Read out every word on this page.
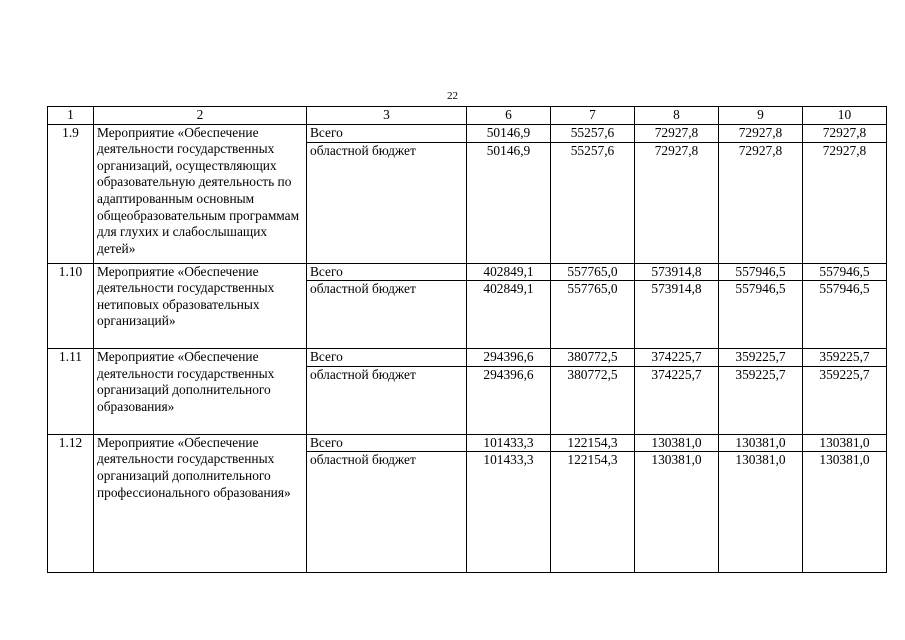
22
1	2	3	6	7	8	9	10
1.9	Мероприятие «Обеспечение деятельности государственных организаций, осуществляющих образовательную деятельность по адаптированным основным общеобразовательным программам для глухих и слабослышащих детей»	Всего	50146,9	55257,6	72927,8	72927,8	72927,8
		областной бюджет	50146,9	55257,6	72927,8	72927,8	72927,8
1.10	Мероприятие «Обеспечение деятельности государственных нетиповых образовательных организаций»	Всего	402849,1	557765,0	573914,8	557946,5	557946,5
		областной бюджет	402849,1	557765,0	573914,8	557946,5	557946,5
1.11	Мероприятие «Обеспечение деятельности государственных организаций дополнительного образования»	Всего	294396,6	380772,5	374225,7	359225,7	359225,7
		областной бюджет	294396,6	380772,5	374225,7	359225,7	359225,7
1.12	Мероприятие «Обеспечение деятельности государственных организаций дополнительного профессионального образования»	Всего	101433,3	122154,3	130381,0	130381,0	130381,0
		областной бюджет	101433,3	122154,3	130381,0	130381,0	130381,0
